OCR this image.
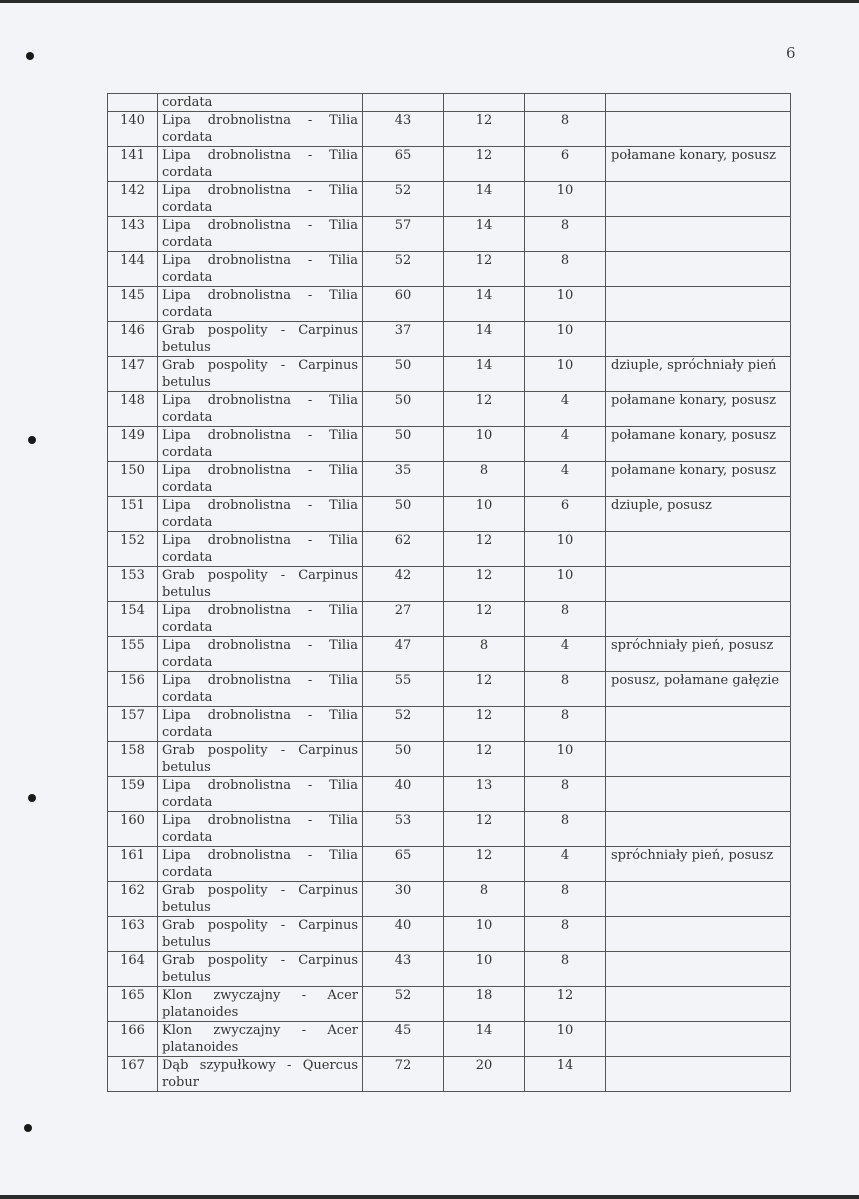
6
	cordata				
140	Lipa drobnolistna - Tilia cordata	43	12	8	
141	Lipa drobnolistna - Tilia cordata	65	12	6	połamane konary, posusz
142	Lipa drobnolistna - Tilia cordata	52	14	10	
143	Lipa drobnolistna - Tilia cordata	57	14	8	
144	Lipa drobnolistna - Tilia cordata	52	12	8	
145	Lipa drobnolistna - Tilia cordata	60	14	10	
146	Grab pospolity - Carpinus betulus	37	14	10	
147	Grab pospolity - Carpinus betulus	50	14	10	dziuple, spróchniały pień
148	Lipa drobnolistna - Tilia cordata	50	12	4	połamane konary, posusz
149	Lipa drobnolistna - Tilia cordata	50	10	4	połamane konary, posusz
150	Lipa drobnolistna - Tilia cordata	35	8	4	połamane konary, posusz
151	Lipa drobnolistna - Tilia cordata	50	10	6	dziuple, posusz
152	Lipa drobnolistna - Tilia cordata	62	12	10	
153	Grab pospolity - Carpinus betulus	42	12	10	
154	Lipa drobnolistna - Tilia cordata	27	12	8	
155	Lipa drobnolistna - Tilia cordata	47	8	4	spróchniały pień, posusz
156	Lipa drobnolistna - Tilia cordata	55	12	8	posusz, połamane gałęzie
157	Lipa drobnolistna - Tilia cordata	52	12	8	
158	Grab pospolity - Carpinus betulus	50	12	10	
159	Lipa drobnolistna - Tilia cordata	40	13	8	
160	Lipa drobnolistna - Tilia cordata	53	12	8	
161	Lipa drobnolistna - Tilia cordata	65	12	4	spróchniały pień, posusz
162	Grab pospolity - Carpinus betulus	30	8	8	
163	Grab pospolity - Carpinus betulus	40	10	8	
164	Grab pospolity - Carpinus betulus	43	10	8	
165	Klon zwyczajny - Acer platanoides	52	18	12	
166	Klon zwyczajny - Acer platanoides	45	14	10	
167	Dąb szypułkowy - Quercus robur	72	20	14	
